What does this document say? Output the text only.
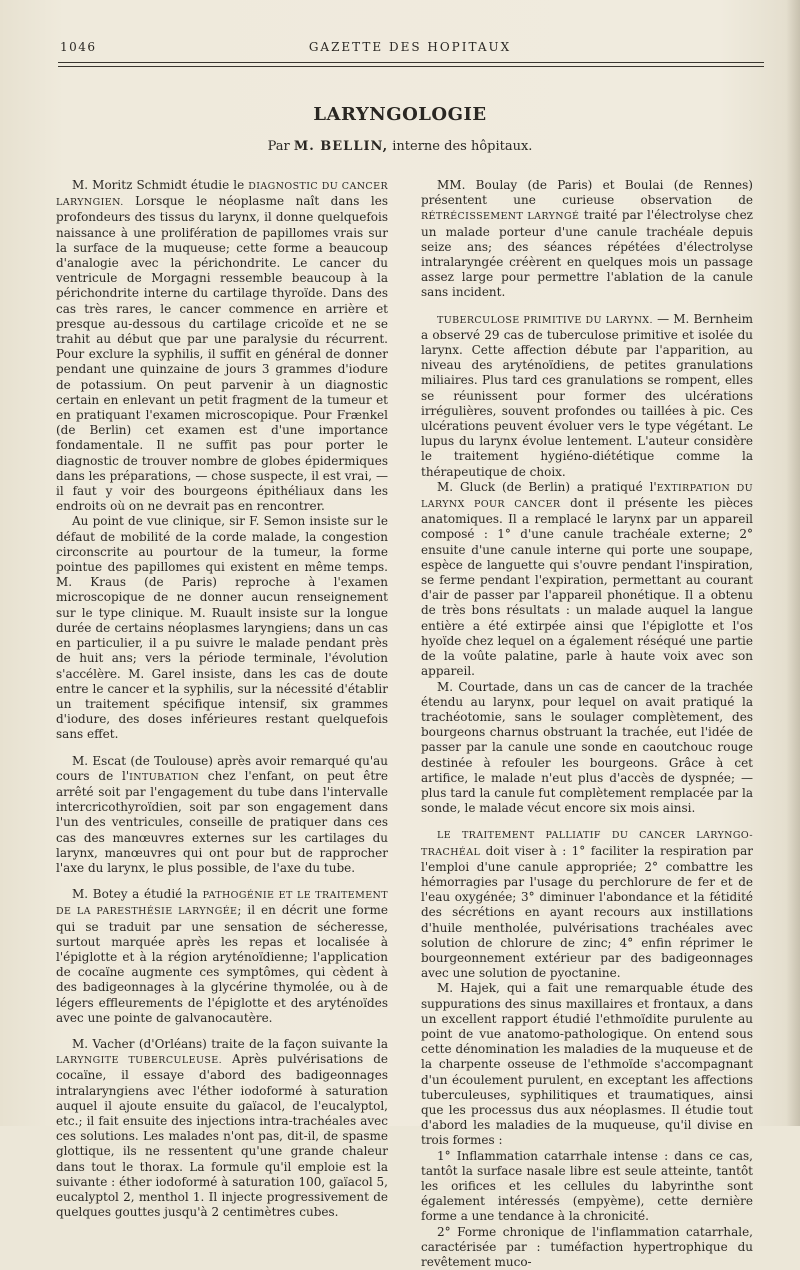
1046	GAZETTE DES HOPITAUX
LARYNGOLOGIE
Par M. BELLIN, interne des hôpitaux.

M. Moritz Schmidt étudie le DIAGNOSTIC DU CANCER LARYNGIEN. Lorsque le néoplasme naît dans les profondeurs des tissus du larynx, il donne quelquefois naissance à une prolifération de papillomes vrais sur la surface de la muqueuse; cette forme a beaucoup d'analogie avec la périchondrite. Le cancer du ventricule de Morgagni ressemble beaucoup à la périchondrite interne du cartilage thyroïde. Dans des cas très rares, le cancer commence en arrière et presque au-dessous du cartilage cricoïde et ne se trahit au début que par une paralysie du récurrent. Pour exclure la syphilis, il suffit en général de donner pendant une quinzaine de jours 3 grammes d'iodure de potassium. On peut parvenir à un diagnostic certain en enlevant un petit fragment de la tumeur et en pratiquant l'examen microscopique. Pour Frænkel (de Berlin) cet examen est d'une importance fondamentale. Il ne suffit pas pour porter le diagnostic de trouver nombre de globes épidermiques dans les préparations, — chose suspecte, il est vrai, — il faut y voir des bourgeons épithéliaux dans les endroits où on ne devrait pas en rencontrer.

Au point de vue clinique, sir F. Semon insiste sur le défaut de mobilité de la corde malade, la congestion circonscrite au pourtour de la tumeur, la forme pointue des papillomes qui existent en même temps. M. Kraus (de Paris) reproche à l'examen microscopique de ne donner aucun renseignement sur le type clinique. M. Ruault insiste sur la longue durée de certains néoplasmes laryngiens; dans un cas en particulier, il a pu suivre le malade pendant près de huit ans; vers la période terminale, l'évolution s'accélère. M. Garel insiste, dans les cas de doute entre le cancer et la syphilis, sur la nécessité d'établir un traitement spécifique intensif, six grammes d'iodure, des doses inférieures restant quelquefois sans effet.

M. Escat (de Toulouse) après avoir remarqué qu'au cours de l'INTUBATION chez l'enfant, on peut être arrêté soit par l'engagement du tube dans l'intervalle intercricothyroïdien, soit par son engagement dans l'un des ventricules, conseille de pratiquer dans ces cas des manœuvres externes sur les cartilages du larynx, manœuvres qui ont pour but de rapprocher l'axe du larynx, le plus possible, de l'axe du tube.

M. Botey a étudié la PATHOGÉNIE ET LE TRAITEMENT DE LA PARESTHÉSIE LARYNGÉE; il en décrit une forme qui se traduit par une sensation de sécheresse, surtout marquée après les repas et localisée à l'épiglotte et à la région aryténoïdienne; l'application de cocaïne augmente ces symptômes, qui cèdent à des badigeonnages à la glycérine thymolée, ou à de légers effleurements de l'épiglotte et des aryténoïdes avec une pointe de galvanocautère.

M. Vacher (d'Orléans) traite de la façon suivante la LARYNGITE TUBERCULEUSE. Après pulvérisations de cocaïne, il essaye d'abord des badigeonnages intralaryngiens avec l'éther iodoformé à saturation auquel il ajoute ensuite du gaïacol, de l'eucalyptol, etc.; il fait ensuite des injections intra-trachéales avec ces solutions. Les malades n'ont pas, dit-il, de spasme glottique, ils ne ressentent qu'une grande chaleur dans tout le thorax. La formule qu'il emploie est la suivante : éther iodoformé à saturation 100, gaïacol 5, eucalyptol 2, menthol 1. Il injecte progressivement de quelques gouttes jusqu'à 2 centimètres cubes.

MM. Boulay (de Paris) et Boulai (de Rennes) présentent une curieuse observation de RÉTRÉCISSEMENT LARYNGÉ traité par l'électrolyse chez un malade porteur d'une canule trachéale depuis seize ans; des séances répétées d'électrolyse intralaryngée créèrent en quelques mois un passage assez large pour permettre l'ablation de la canule sans incident.

TUBERCULOSE PRIMITIVE DU LARYNX. — M. Bernheim a observé 29 cas de tuberculose primitive et isolée du larynx. Cette affection débute par l'apparition, au niveau des aryténoïdiens, de petites granulations miliaires. Plus tard ces granulations se rompent, elles se réunissent pour former des ulcérations irrégulières, souvent profondes ou taillées à pic. Ces ulcérations peuvent évoluer vers le type végétant. Le lupus du larynx évolue lentement. L'auteur considère le traitement hygiéno-diététique comme la thérapeutique de choix.

M. Gluck (de Berlin) a pratiqué l'EXTIRPATION DU LARYNX POUR CANCER dont il présente les pièces anatomiques. Il a remplacé le larynx par un appareil composé : 1° d'une canule trachéale externe; 2° ensuite d'une canule interne qui porte une soupape, espèce de languette qui s'ouvre pendant l'inspiration, se ferme pendant l'expiration, permettant au courant d'air de passer par l'appareil phonétique. Il a obtenu de très bons résultats : un malade auquel la langue entière a été extirpée ainsi que l'épiglotte et l'os hyoïde chez lequel on a également réséqué une partie de la voûte palatine, parle à haute voix avec son appareil.

M. Courtade, dans un cas de cancer de la trachée étendu au larynx, pour lequel on avait pratiqué la trachéotomie, sans le soulager complètement, des bourgeons charnus obstruant la trachée, eut l'idée de passer par la canule une sonde en caoutchouc rouge destinée à refouler les bourgeons. Grâce à cet artifice, le malade n'eut plus d'accès de dyspnée; — plus tard la canule fut complètement remplacée par la sonde, le malade vécut encore six mois ainsi.

LE TRAITEMENT PALLIATIF DU CANCER LARYNGO-TRACHÉAL doit viser à : 1° faciliter la respiration par l'emploi d'une canule appropriée; 2° combattre les hémorragies par l'usage du perchlorure de fer et de l'eau oxygénée; 3° diminuer l'abondance et la fétidité des sécrétions en ayant recours aux instillations d'huile mentholée, pulvérisations trachéales avec solution de chlorure de zinc; 4° enfin réprimer le bourgeonnement extérieur par des badigeonnages avec une solution de pyoctanine.

M. Hajek, qui a fait une remarquable étude des suppurations des sinus maxillaires et frontaux, a dans un excellent rapport étudié l'ethmoïdite purulente au point de vue anatomo-pathologique. On entend sous cette dénomination les maladies de la muqueuse et de la charpente osseuse de l'ethmoïde s'accompagnant d'un écoulement purulent, en exceptant les affections tuberculeuses, syphilitiques et traumatiques, ainsi que les processus dus aux néoplasmes. Il étudie tout d'abord les maladies de la muqueuse, qu'il divise en trois formes :

1° Inflammation catarrhale intense : dans ce cas, tantôt la surface nasale libre est seule atteinte, tantôt les orifices et les cellules du labyrinthe sont également intéressés (empyème), cette dernière forme a une tendance à la chronicité.

2° Forme chronique de l'inflammation catarrhale, caractérisée par : tuméfaction hypertrophique du revêtement muco-
